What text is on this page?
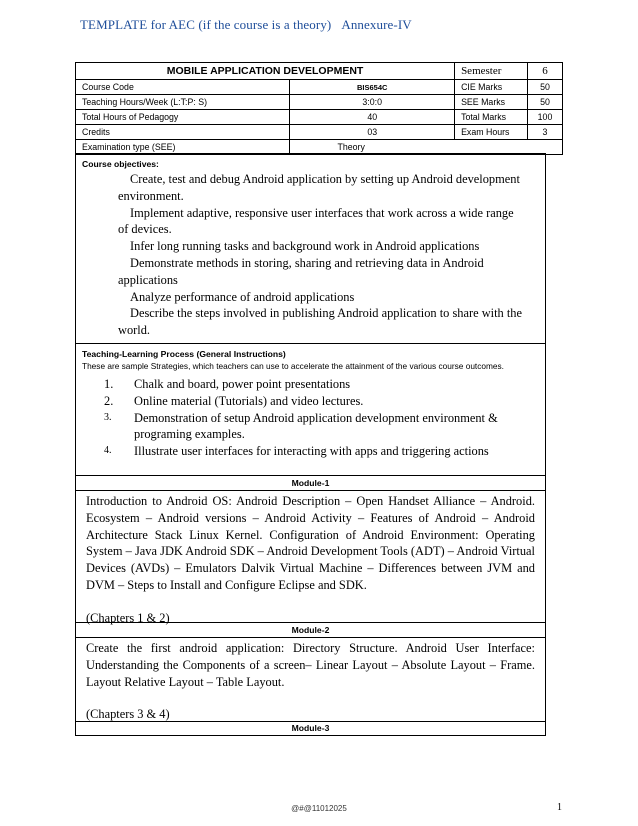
TEMPLATE for AEC (if the course is a theory) Annexure-IV
MOBILE APPLICATION DEVELOPMENT		Semester	6
Course Code	BIS654C	CIE Marks	50
Teaching Hours/Week (L:T:P: S)	3:0:0	SEE Marks	50
Total Hours of Pedagogy	40	Total Marks	100
Credits	03	Exam Hours	3
Examination type (SEE)	Theory		
Course objectives:

Create, test and debug Android application by setting up Android development environment.

Implement adaptive, responsive user interfaces that work across a wide range of devices.

Infer long running tasks and background work in Android applications

Demonstrate methods in storing, sharing and retrieving data in Android applications

Analyze performance of android applications

Describe the steps involved in publishing Android application to share with the world.

Teaching-Learning Process (General Instructions)
These are sample Strategies, which teachers can use to accelerate the attainment of the various course outcomes.
1. Chalk and board, power point presentations
2. Online material (Tutorials) and video lectures.
3. Demonstration of setup Android application development environment & programing examples.
4. Illustrate user interfaces for interacting with apps and triggering actions
Module-1

Introduction to Android OS: Android Description – Open Handset Alliance – Android. Ecosystem – Android versions – Android Activity – Features of Android – Android Architecture Stack Linux Kernel. Configuration of Android Environment: Operating System – Java JDK Android SDK – Android Development Tools (ADT) – Android Virtual Devices (AVDs) – Emulators Dalvik Virtual Machine – Differences between JVM and DVM – Steps to Install and Configure Eclipse and SDK.

(Chapters 1 & 2)

Module-2

Create the first android application: Directory Structure. Android User Interface: Understanding the Components of a screen– Linear Layout – Absolute Layout – Frame. Layout Relative Layout – Table Layout.

(Chapters 3 & 4)

Module-3
@#@11012025	1
